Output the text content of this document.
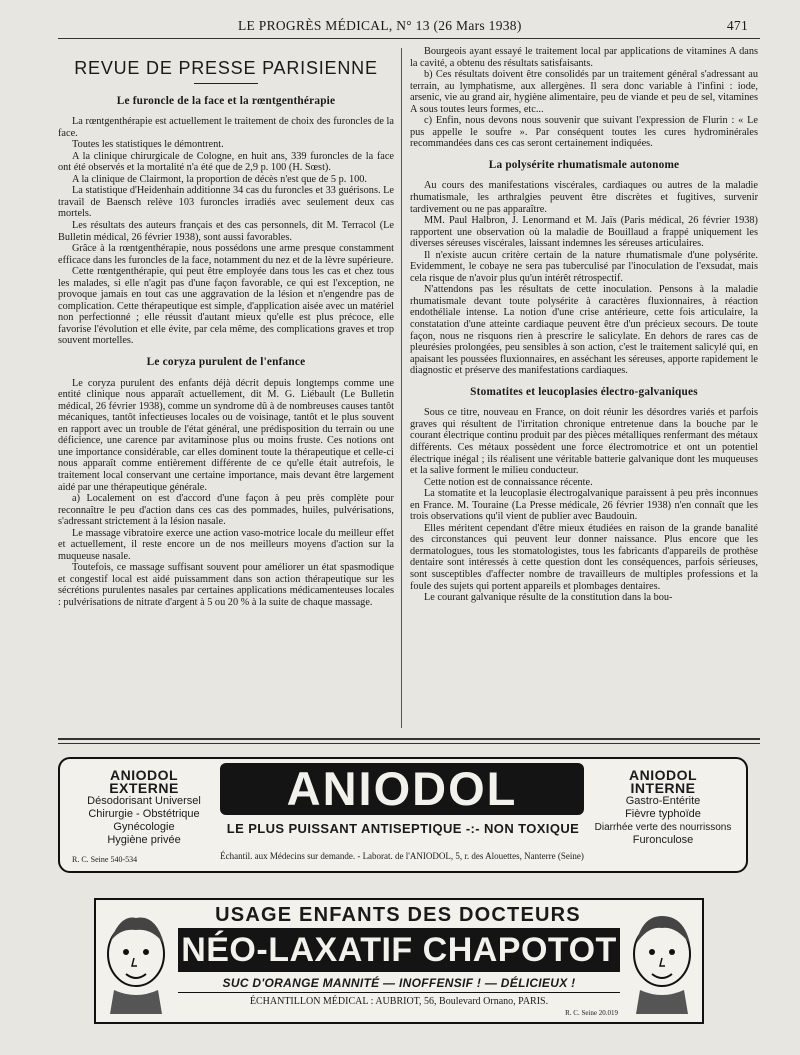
LE PROGRÈS MÉDICAL, N° 13 (26 Mars 1938)	471
REVUE DE PRESSE PARISIENNE
Le furoncle de la face et la rœntgenthérapie

La rœntgenthérapie est actuellement le traitement de choix des furoncles de la face.

Toutes les statistiques le démontrent.

A la clinique chirurgicale de Cologne, en huit ans, 339 furoncles de la face ont été observés et la mortalité n'a été que de 2,9 p. 100 (H. Sœst).

A la clinique de Clairmont, la proportion de décès n'est que de 5 p. 100.

La statistique d'Heidenhain additionne 34 cas du furoncles et 33 guérisons. Le travail de Baensch relève 103 furoncles irradiés avec seulement deux cas mortels.

Les résultats des auteurs français et des cas personnels, dit M. Terracol (Le Bulletin médical, 26 février 1938), sont aussi favorables.

Grâce à la rœntgenthérapie, nous possédons une arme presque constamment efficace dans les furoncles de la face, notamment du nez et de la lèvre supérieure.

Cette rœntgenthérapie, qui peut être employée dans tous les cas et chez tous les malades, si elle n'agit pas d'une façon favorable, ce qui est l'exception, ne provoque jamais en tout cas une aggravation de la lésion et n'engendre pas de complication. Cette thérapeutique est simple, d'application aisée avec un matériel non perfectionné ; elle réussit d'autant mieux qu'elle est plus précoce, elle favorise l'évolution et elle évite, par cela même, des complications graves et trop souvent mortelles.

Le coryza purulent de l'enfance

Le coryza purulent des enfants déjà décrit depuis longtemps comme une entité clinique nous apparaît actuellement, dit M. G. Liébault (Le Bulletin médical, 26 février 1938), comme un syndrome dû à de nombreuses causes tantôt mécaniques, tantôt infectieuses locales ou de voisinage, tantôt et le plus souvent en rapport avec un trouble de l'état général, une prédisposition du terrain ou une déficience, une carence par avitaminose plus ou moins fruste. Ces notions ont une importance considérable, car elles dominent toute la thérapeutique et celle-ci nous apparaît comme entièrement différente de ce qu'elle était autrefois, le traitement local conservant une certaine importance, mais devant être largement aidé par une thérapeutique générale.

a) Localement on est d'accord d'une façon à peu près complète pour reconnaître le peu d'action dans ces cas des pommades, huiles, pulvérisations, s'adressant strictement à la lésion nasale.

Le massage vibratoire exerce une action vaso-motrice locale du meilleur effet et actuellement, il reste encore un de nos meilleurs moyens d'action sur la muqueuse nasale.

Toutefois, ce massage suffisant souvent pour améliorer un état spasmodique et congestif local est aidé puissamment dans son action thérapeutique sur les sécrétions purulentes nasales par certaines applications médicamenteuses locales : pulvérisations de nitrate d'argent à 5 ou 20 % à la suite de chaque massage.

Bourgeois ayant essayé le traitement local par applications de vitamines A dans la cavité, a obtenu des résultats satisfaisants.

b) Ces résultats doivent être consolidés par un traitement général s'adressant au terrain, au lymphatisme, aux allergènes. Il sera donc variable à l'infini : iode, arsenic, vie au grand air, hygiène alimentaire, peu de viande et peu de sel, vitamines A sous toutes leurs formes, etc...

c) Enfin, nous devons nous souvenir que suivant l'expression de Flurin : « Le pus appelle le soufre ». Par conséquent toutes les cures hydrominérales recommandées dans ces cas seront certainement indiquées.

La polysérite rhumatismale autonome

Au cours des manifestations viscérales, cardiaques ou autres de la maladie rhumatismale, les arthralgies peuvent être discrètes et fugitives, survenir tardivement ou ne pas apparaître.

MM. Paul Halbron, J. Lenormand et M. Jaïs (Paris médical, 26 février 1938) rapportent une observation où la maladie de Bouillaud a frappé uniquement les diverses séreuses viscérales, laissant indemnes les séreuses articulaires.

Il n'existe aucun critère certain de la nature rhumatismale d'une polysérite. Evidemment, le cobaye ne sera pas tuberculisé par l'inoculation de l'exsudat, mais cela risque de n'avoir plus qu'un intérêt rétrospectif.

N'attendons pas les résultats de cette inoculation. Pensons à la maladie rhumatismale devant toute polysérite à caractères fluxionnaires, à réaction endothéliale intense. La notion d'une crise antérieure, cette fois articulaire, la constatation d'une atteinte cardiaque peuvent être d'un précieux secours. De toute façon, nous ne risquons rien à prescrire le salicylate. En dehors de rares cas de pleurésies prolongées, peu sensibles à son action, c'est le traitement salicylé qui, en apaisant les poussées fluxionnaires, en asséchant les séreuses, apporte rapidement le diagnostic et préserve des manifestations cardiaques.

Stomatites et leucoplasies électro-galvaniques

Sous ce titre, nouveau en France, on doit réunir les désordres variés et parfois graves qui résultent de l'irritation chronique entretenue dans la bouche par le courant électrique continu produit par des pièces métalliques renfermant des métaux différents. Ces métaux possèdent une force électromotrice et ont un potentiel électrique inégal ; ils réalisent une véritable batterie galvanique dont les muqueuses et la salive forment le milieu conducteur.

Cette notion est de connaissance récente.

La stomatite et la leucoplasie électrogalvanique paraissent à peu près inconnues en France. M. Touraine (La Presse médicale, 26 février 1938) n'en connaît que les trois observations qu'il vient de publier avec Baudouin.

Elles méritent cependant d'être mieux étudiées en raison de la grande banalité des circonstances qui peuvent leur donner naissance. Plus encore que les dermatologues, tous les stomatologistes, tous les fabricants d'appareils de prothèse dentaire sont intéressés à cette question dont les conséquences, parfois sérieuses, sont susceptibles d'affecter nombre de travailleurs de multiples professions et la foule des sujets qui portent appareils et plombages dentaires.

Le courant galvanique résulte de la constitution dans la bou-

ANIODOL
EXTERNE
Désodorisant Universel
Chirurgie - Obstétrique
Gynécologie
Hygiène privée
R. C. Seine 540-534
ANIODOL
LE PLUS PUISSANT ANTISEPTIQUE -:- NON TOXIQUE
Échantil. aux Médecins sur demande. - Laborat. de l'ANIODOL, 5, r. des Alouettes, Nanterre (Seine)
ANIODOL
INTERNE
Gastro-Entérite
Fièvre typhoïde
Diarrhée verte des nourrissons
Furonculose
USAGE ENFANTS DES DOCTEURS
NÉO-LAXATIF CHAPOTOT
SUC D'ORANGE MANNITÉ — INOFFENSIF ! — DÉLICIEUX !
ÉCHANTILLON MÉDICAL : AUBRIOT, 56, Boulevard Ornano, PARIS.
R. C. Seine 20.019
